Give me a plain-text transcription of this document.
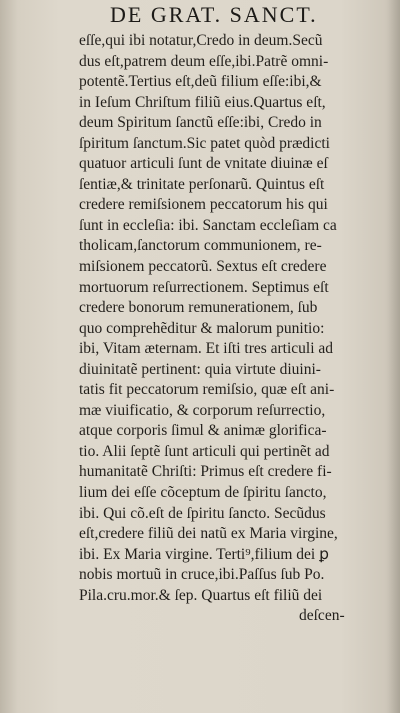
DE GRAT. SANCT.
eſſe,qui ibi notatur,Credo in deum.Secũ
dus eſt,patrem deum eſſe,ibi.Patrẽ omni-
potentẽ.Tertius eſt,deũ filium eſſe:ibi,&
in Ieſum Chriſtum filiũ eius.Quartus eſt,
deum Spiritum ſanctũ eſſe:ibi, Credo in
ſpiritum ſanctum.Sic patet quòd prædicti
quatuor articuli ſunt de vnitate diuinæ eſ
ſentiæ,& trinitate perſonarũ. Quintus eſt
credere remiſsionem peccatorum his qui
ſunt in eccleſia: ibi. Sanctam eccleſiam ca
tholicam,ſanctorum communionem, re-
miſsionem peccatorũ. Sextus eſt credere
mortuorum reſurrectionem. Septimus eſt
credere bonorum remunerationem, ſub
quo comprehẽditur & malorum punitio:
ibi, Vitam æternam. Et iſti tres articuli ad
diuinitatẽ pertinent: quia virtute diuini-
tatis fit peccatorum remiſsio, quæ eſt ani-
mæ viuificatio, & corporum reſurrectio,
atque corporis ſimul & animæ glorifica-
tio. Alii ſeptẽ ſunt articuli qui pertinẽt ad
humanitatẽ Chriſti: Primus eſt credere fi-
lium dei eſſe cõceptum de ſpiritu ſancto,
ibi. Qui cõ.eſt de ſpiritu ſancto. Secũdus
eſt,credere filiũ dei natũ ex Maria virgine,
ibi. Ex Maria virgine. Terti⁹,filium dei ꝑ
nobis mortuũ in cruce,ibi.Paſſus ſub Po.
Pila.cru.mor.& ſep. Quartus eſt filiũ dei
deſcen-
